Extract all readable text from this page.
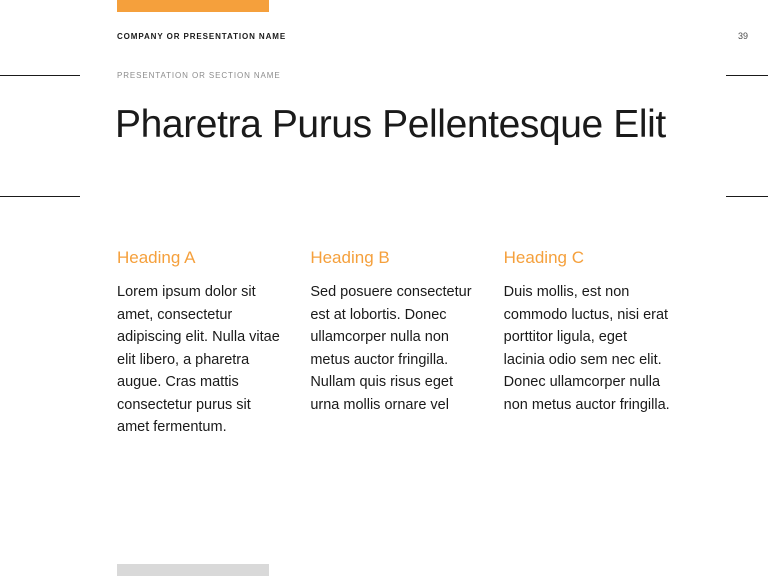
COMPANY OR PRESENTATION NAME	39
PRESENTATION OR SECTION NAME
Pharetra Purus Pellentesque Elit
Heading A
Lorem ipsum dolor sit amet, consectetur adipiscing elit. Nulla vitae elit libero, a pharetra augue. Cras mattis consectetur purus sit amet fermentum.
Heading B
Sed posuere consectetur est at lobortis. Donec ullamcorper nulla non metus auctor fringilla. Nullam quis risus eget urna mollis ornare vel
Heading C
Duis mollis, est non commodo luctus, nisi erat porttitor ligula, eget lacinia odio sem nec elit. Donec ullamcorper nulla non metus auctor fringilla.
